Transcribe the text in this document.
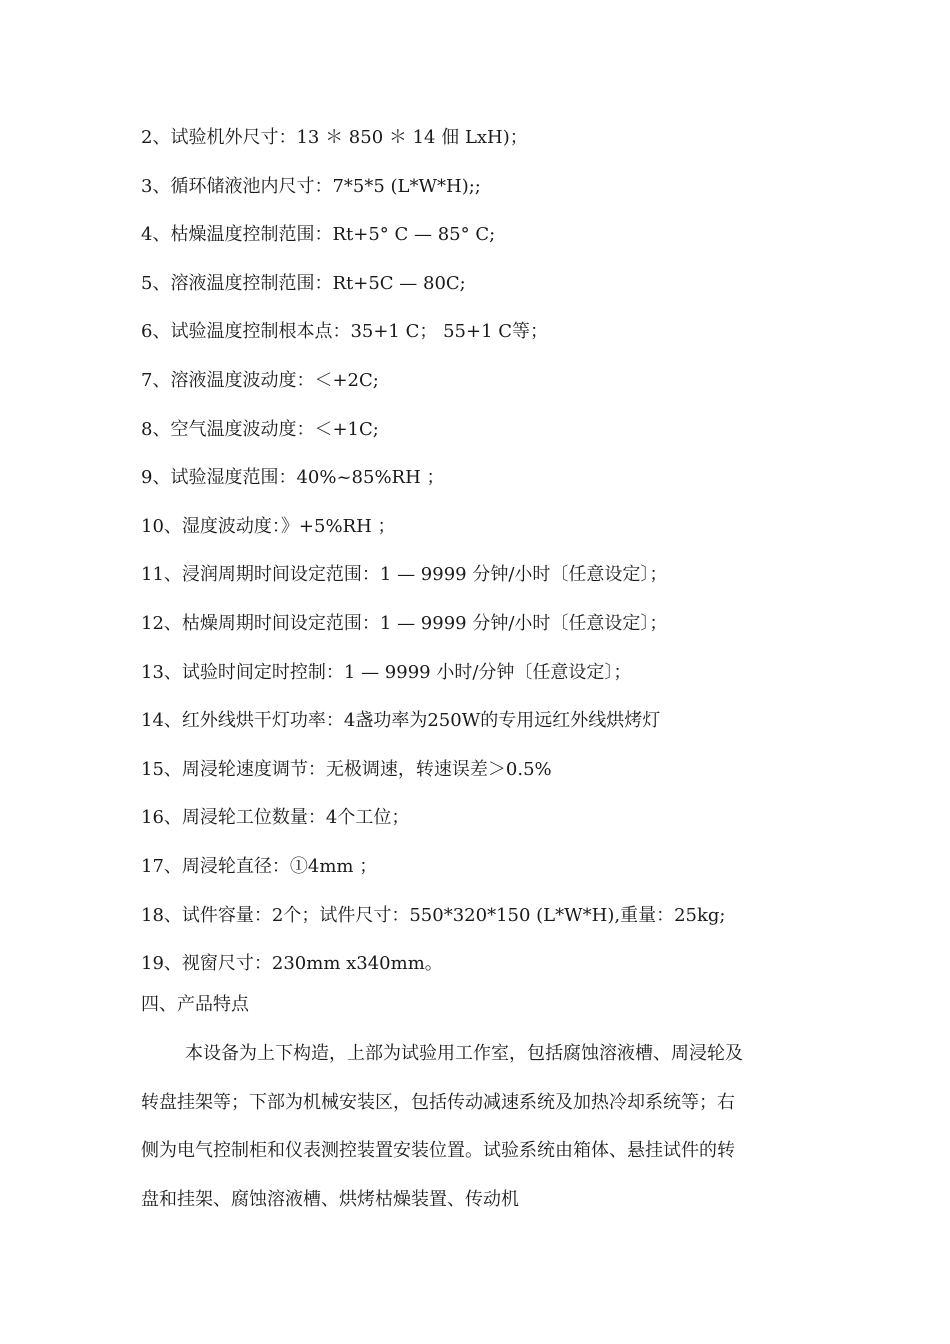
2、试验机外尺寸：13 ＊ 850 ＊ 14 佃 LxH)；
3、循环储液池内尺寸：7*5*5 (L*W*H);;
4、枯燥温度控制范围：Rt+5° C — 85° C;
5、溶液温度控制范围：Rt+5C — 80C;
6、试验温度控制根本点：35+1 C； 55+1 C等；
7、溶液温度波动度：＜+2C;
8、空气温度波动度：＜+1C;
9、试验湿度范围：40%~85%RH ；
10、湿度波动度：》+5%RH ；
11、浸润周期时间设定范围：1 — 9999 分钟/小时〔任意设定〕；
12、枯燥周期时间设定范围：1 — 9999 分钟/小时〔任意设定〕；
13、试验时间定时控制：1 — 9999 小时/分钟〔任意设定〕；
14、红外线烘干灯功率：4盏功率为250W的专用远红外线烘烤灯
15、周浸轮速度调节：无极调速，转速误差＞0.5%
16、周浸轮工位数量：4个工位；
17、周浸轮直径：①4mm ；
18、试件容量：2个；试件尺寸：550*320*150 (L*W*H),重量：25kg;
19、视窗尺寸：230mm x340mm。
四、产品特点
本设备为上下构造，上部为试验用工作室，包括腐蚀溶液槽、周浸轮及
转盘挂架等；下部为机械安装区，包括传动减速系统及加热冷却系统等；右
侧为电气控制柜和仪表测控装置安装位置。试验系统由箱体、悬挂试件的转
盘和挂架、腐蚀溶液槽、烘烤枯燥装置、传动机
